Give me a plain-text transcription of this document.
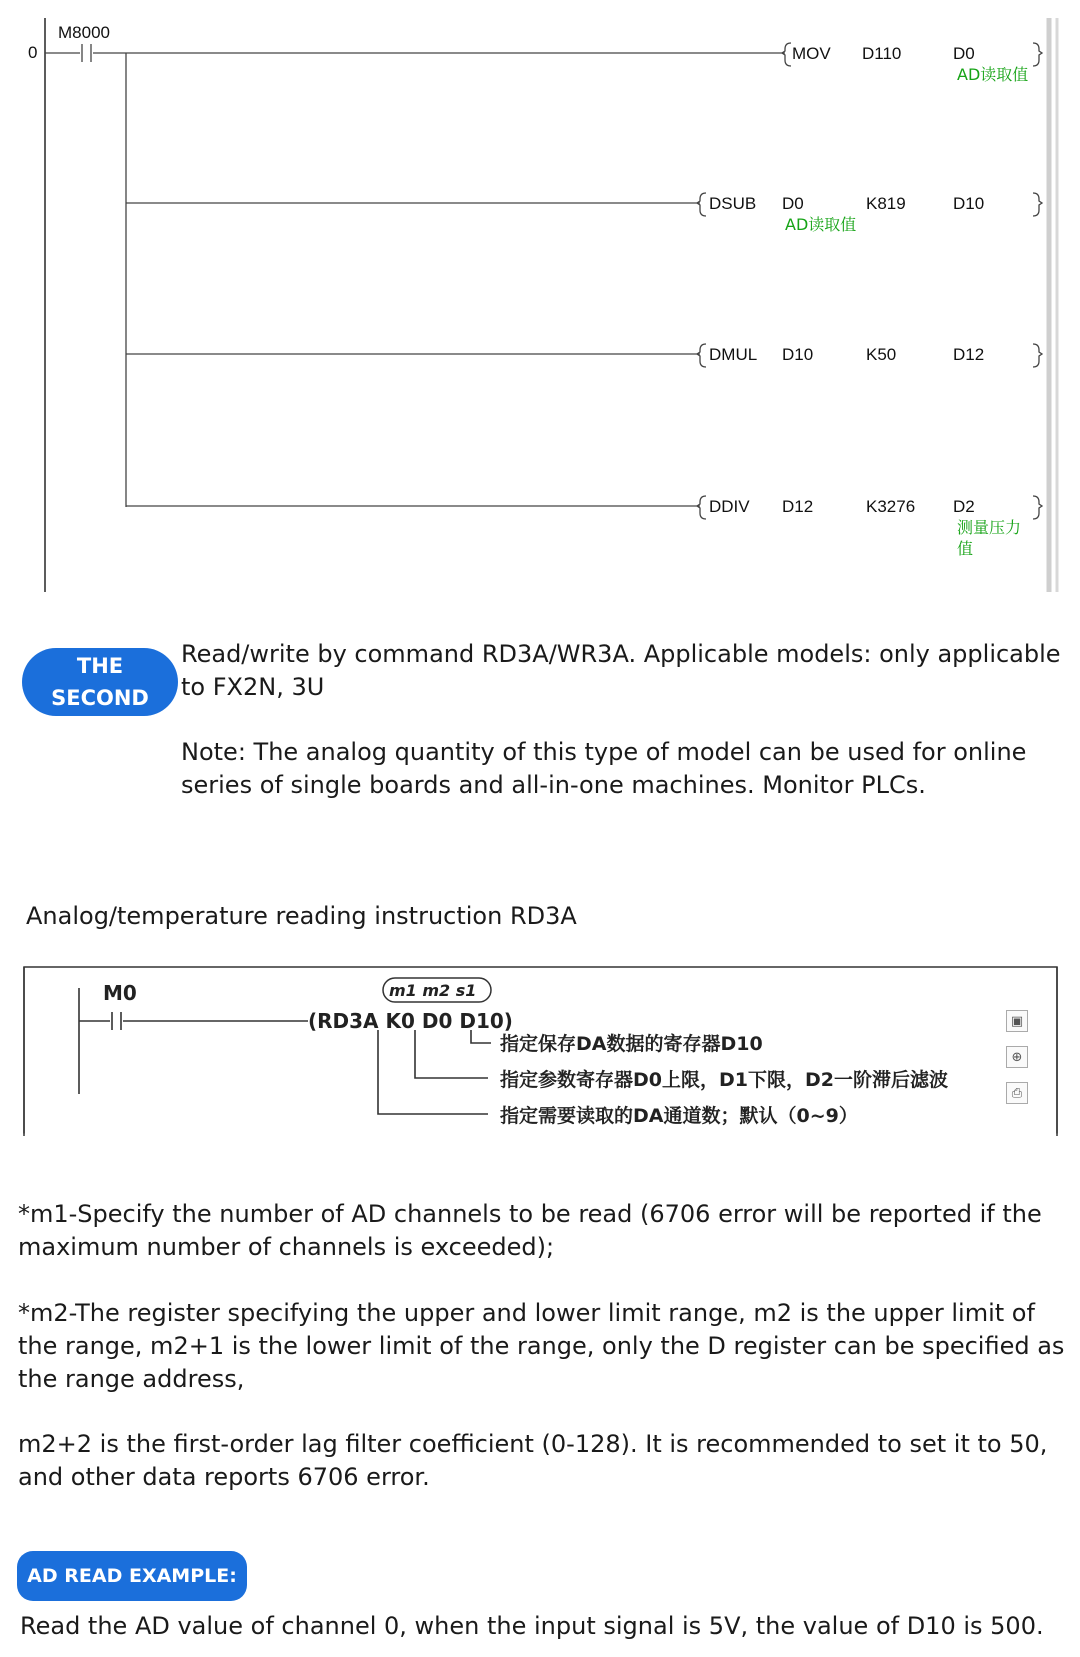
0
M8000
MOV D110	D0
AD读取值
DSUB D0
AD读取值
K819	D10
DMUL D10	K50	D12
DDIV D12	K3276 D2
测量压力
值
THE
SECOND
Read/write by command RD3A/WR3A. Applicable models: only applicable to FX2N, 3U
Note: The analog quantity of this type of model can be used for online series of single boards and all-in-one machines. Monitor PLCs.
Analog/temperature reading instruction RD3A
M0	m1 m2 s1
(RD3A K0 D0 D10)
指定保存DA数据的寄存器D10
指定参数寄存器D0上限，D1下限，D2一阶滞后滤波
指定需要读取的DA通道数；默认（0~9）
▣
⊕
⎙
*m1-Specify the number of AD channels to be read (6706 error will be reported if the maximum number of channels is exceeded);
*m2-The register specifying the upper and lower limit range, m2 is the upper limit of the range, m2+1 is the lower limit of the range, only the D register can be specified as the range address,
m2+2 is the first-order lag filter coefficient (0-128). It is recommended to set it to 50, and other data reports 6706 error.
AD READ EXAMPLE:
Read the AD value of channel 0, when the input signal is 5V, the value of D10 is 500.
